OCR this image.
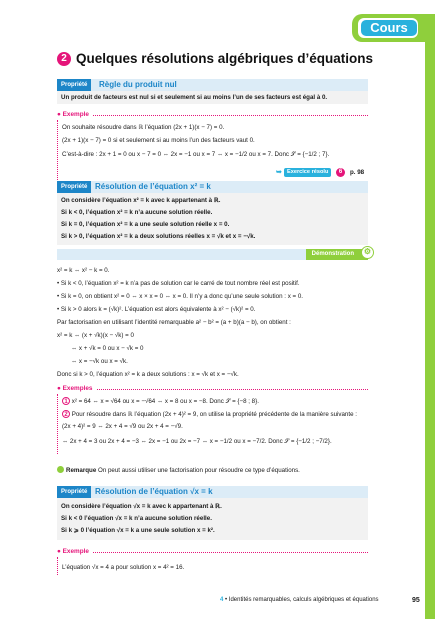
Cours
2 Quelques résolutions algébriques d’équations
Propriété	Règle du produit nul
Un produit de facteurs est nul si et seulement si au moins l’un de ses facteurs est égal à 0.
● Exemple
On souhaite résoudre dans ℝ l’équation (2x + 1)(x − 7) = 0.
(2x + 1)(x − 7) = 0 si et seulement si au moins l’un des facteurs vaut 0.
C’est-à-dire : 2x + 1 = 0 ou x − 7 = 0 ⇔ 2x = −1 ou x = 7 ⇔ x = −1/2 ou x = 7. Donc 𝒮 = {−1/2 ; 7}.
➥ Exercice résolu	6	p. 98
Propriété Résolution de l’équation x² = k
On considère l’équation x² = k avec k appartenant à ℝ.
Si k < 0, l’équation x² = k n’a aucune solution réelle.
Si k = 0, l’équation x² = k a une seule solution réelle x = 0.
Si k > 0, l’équation x² = k a deux solutions réelles x = √k et x = −√k.
Démonstration	⚙
x² = k ⇔ x² − k = 0.
• Si k < 0, l’équation x² = k n’a pas de solution car le carré de tout nombre réel est positif.
• Si k = 0, on obtient x² = 0 ⇔ x × x = 0 ⇔ x = 0. Il n’y a donc qu’une seule solution : x = 0.
• Si k > 0 alors k = (√k)². L’équation est alors équivalente à x² − (√k)² = 0.
Par factorisation en utilisant l’identité remarquable a² − b² = (a + b)(a − b), on obtient :
x² = k ⇔ (x + √k)(x − √k) = 0
⇔ x + √k = 0 ou x − √k = 0
⇔ x = −√k ou x = √k.
Donc si k > 0, l’équation x² = k a deux solutions : x = √k et x = −√k.
● Exemples
1 x² = 64 ⇔ x = √64 ou x = −√64 ⇔ x = 8 ou x = −8. Donc 𝒮 = {−8 ; 8}.
2 Pour résoudre dans ℝ l’équation (2x + 4)² = 9, on utilise la propriété précédente de la manière suivante :
(2x + 4)² = 9 ⇔ 2x + 4 = √9 ou 2x + 4 = −√9.
⇔ 2x + 4 = 3 ou 2x + 4 = −3 ⇔ 2x = −1 ou 2x = −7 ⇔ x = −1/2 ou x = −7/2. Donc 𝒮 = {−1/2 ; −7/2}.
Remarque On peut aussi utiliser une factorisation pour résoudre ce type d’équations.
Propriété Résolution de l’équation √x = k
On considère l’équation √x = k avec k appartenant à ℝ.
Si k < 0 l’équation √x = k n’a aucune solution réelle.
Si k ⩾ 0 l’équation √x = k a une seule solution x = k².
● Exemple
L’équation √x = 4 a pour solution x = 4² = 16.
4 • Identités remarquables, calculs algébriques et équations	95
